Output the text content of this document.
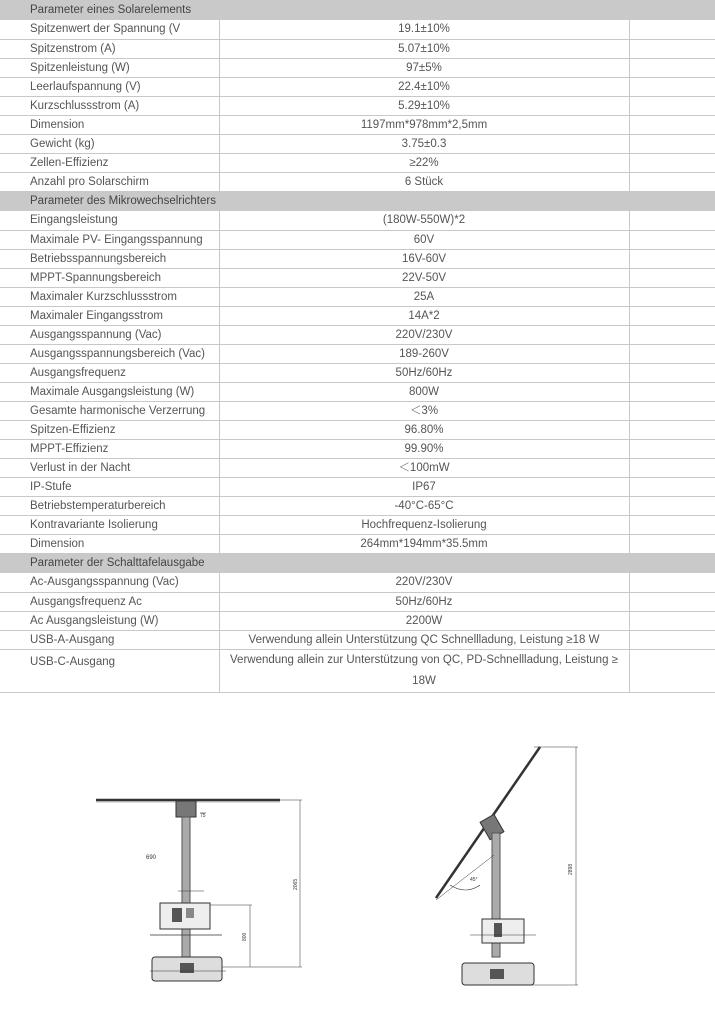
Parameter eines Solarelements		
Spitzenwert der Spannung (V	19.1±10%	
Spitzenstrom (A)	5.07±10%	
Spitzenleistung (W)	97±5%	
Leerlaufspannung (V)	22.4±10%	
Kurzschlussstrom (A)	5.29±10%	
Dimension	1197mm*978mm*2,5mm	
Gewicht (kg)	3.75±0.3	
Zellen-Effizienz	≥22%	
Anzahl pro Solarschirm	6 Stück	
Parameter des Mikrowechselrichters		
Eingangsleistung	(180W-550W)*2	
Maximale PV- Eingangsspannung	60V	
Betriebsspannungsbereich	16V-60V	
MPPT-Spannungsbereich	22V-50V	
Maximaler Kurzschlussstrom	25A	
Maximaler Eingangsstrom	14A*2	
Ausgangsspannung (Vac)	220V/230V	
Ausgangsspannungsbereich (Vac)	189-260V	
Ausgangsfrequenz	50Hz/60Hz	
Maximale Ausgangsleistung (W)	800W	
Gesamte harmonische Verzerrung	＜3%	
Spitzen-Effizienz	96.80%	
MPPT-Effizienz	99.90%	
Verlust in der Nacht	＜100mW	
IP-Stufe	IP67	
Betriebstemperaturbereich	-40°C-65°C	
Kontravariante Isolierung	Hochfrequenz-Isolierung	
Dimension	264mm*194mm*35.5mm	
Parameter der Schalttafelausgabe		
Ac-Ausgangsspannung (Vac)	220V/230V	
Ausgangsfrequenz Ac	50Hz/60Hz	
Ac Ausgangsleistung (W)	2200W	
USB-A-Ausgang	Verwendung allein Unterstützung QC Schnellladung, Leistung ≥18 W	
USB-C-Ausgang	Verwendung allein zur Unterstützung von QC, PD-Schnellladung, Leistung ≥ 18W	
690
75
2065
800
45°
2898
